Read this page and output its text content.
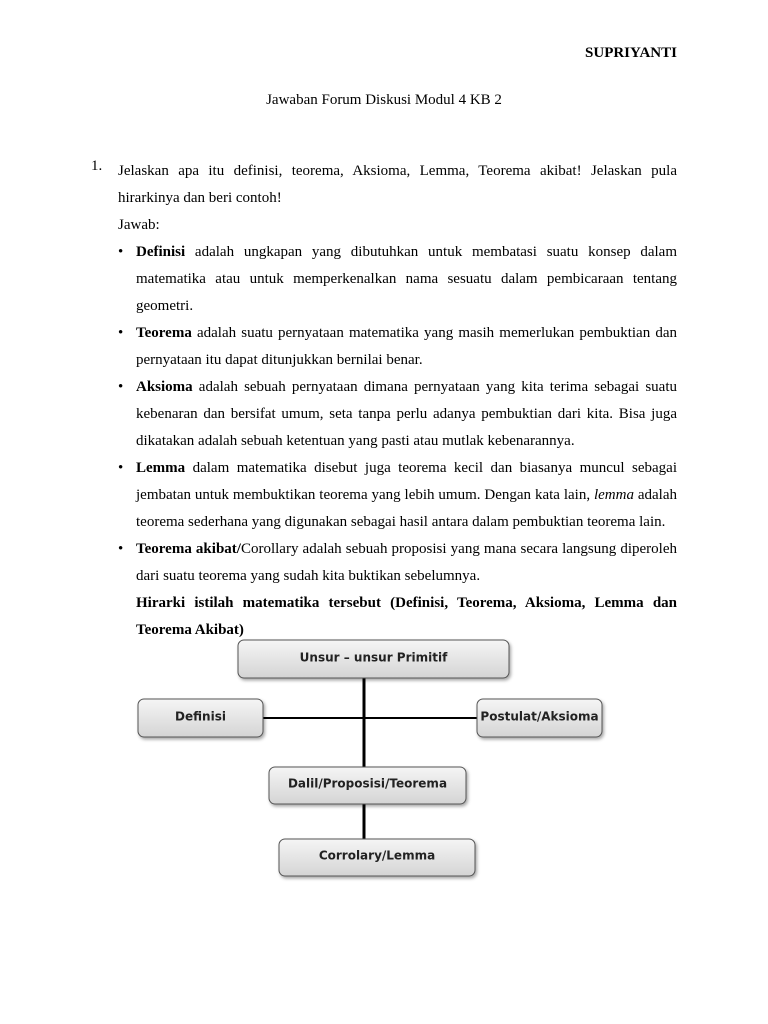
SUPRIYANTI
Jawaban Forum Diskusi Modul 4 KB 2
1. Jelaskan apa itu definisi, teorema, Aksioma, Lemma, Teorema akibat! Jelaskan pula hirarkinya dan beri contoh!
Jawab:
• Definisi adalah ungkapan yang dibutuhkan untuk membatasi suatu konsep dalam matematika atau untuk memperkenalkan nama sesuatu dalam pembicaraan tentang geometri.
• Teorema adalah suatu pernyataan matematika yang masih memerlukan pembuktian dan pernyataan itu dapat ditunjukkan bernilai benar.
• Aksioma adalah sebuah pernyataan dimana pernyataan yang kita terima sebagai suatu kebenaran dan bersifat umum, seta tanpa perlu adanya pembuktian dari kita. Bisa juga dikatakan adalah sebuah ketentuan yang pasti atau mutlak kebenarannya.
• Lemma dalam matematika disebut juga teorema kecil dan biasanya muncul sebagai jembatan untuk membuktikan teorema yang lebih umum. Dengan kata lain, lemma adalah teorema sederhana yang digunakan sebagai hasil antara dalam pembuktian teorema lain.
• Teorema akibat/Corollary adalah sebuah proposisi yang mana secara langsung diperoleh dari suatu teorema yang sudah kita buktikan sebelumnya.
Hirarki istilah matematika tersebut (Definisi, Teorema, Aksioma, Lemma dan Teorema Akibat)
Unsur – unsur Primitif
Definisi	Postulat/Aksioma
Dalil/Proposisi/Teorema
Corrolary/Lemma
